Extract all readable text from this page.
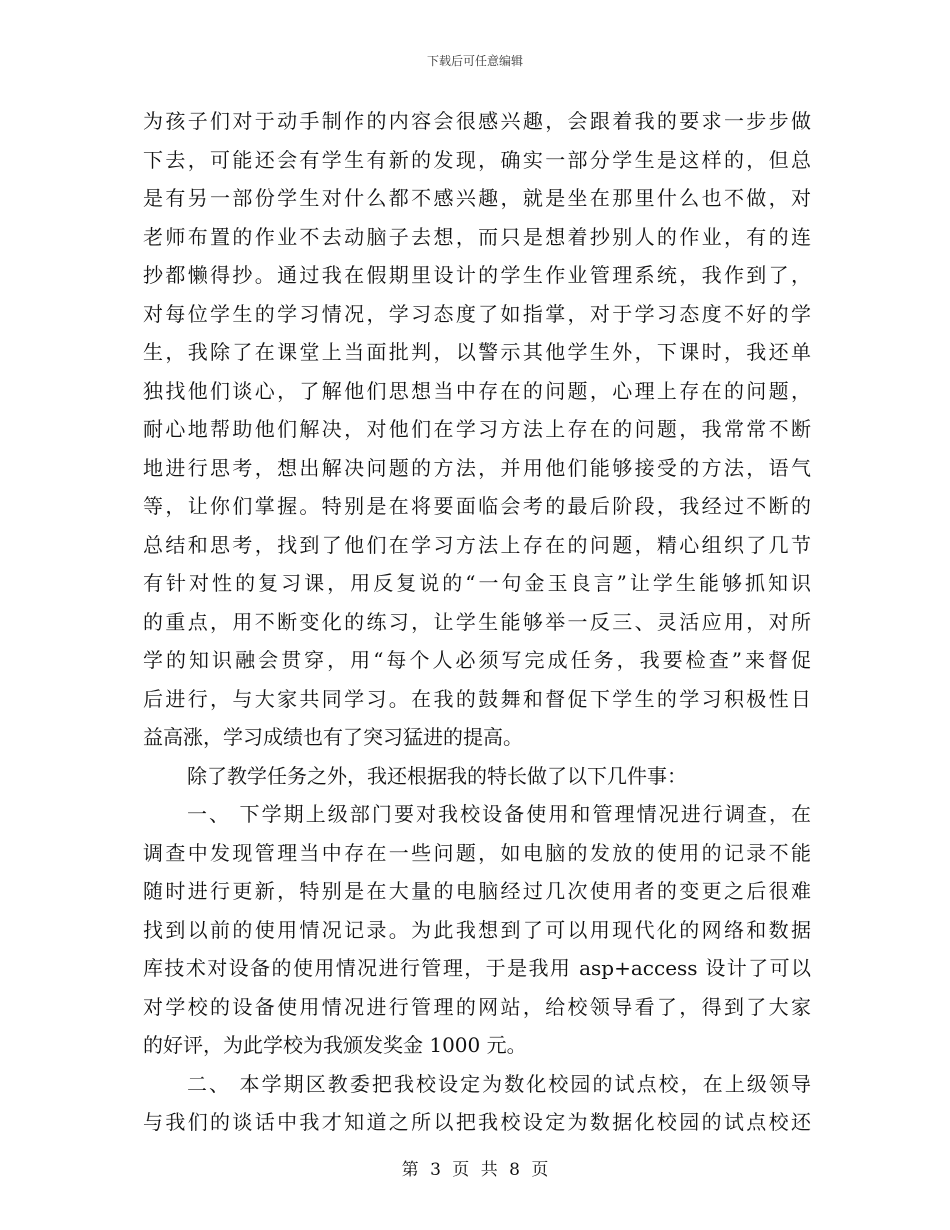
下载后可任意编辑
为孩子们对于动手制作的内容会很感兴趣，会跟着我的要求一步步做
下去，可能还会有学生有新的发现，确实一部分学生是这样的，但总
是有另一部份学生对什么都不感兴趣，就是坐在那里什么也不做，对
老师布置的作业不去动脑子去想，而只是想着抄别人的作业，有的连
抄都懒得抄。通过我在假期里设计的学生作业管理系统，我作到了，
对每位学生的学习情况，学习态度了如指掌，对于学习态度不好的学
生，我除了在课堂上当面批判，以警示其他学生外，下课时，我还单
独找他们谈心，了解他们思想当中存在的问题，心理上存在的问题，
耐心地帮助他们解决，对他们在学习方法上存在的问题，我常常不断
地进行思考，想出解决问题的方法，并用他们能够接受的方法，语气
等，让你们掌握。特别是在将要面临会考的最后阶段，我经过不断的
总结和思考，找到了他们在学习方法上存在的问题，精心组织了几节
有针对性的复习课，用反复说的“一句金玉良言”让学生能够抓知识
的重点，用不断变化的练习，让学生能够举一反三、灵活应用，对所
学的知识融会贯穿，用“每个人必须写完成任务，我要检查”来督促
后进行，与大家共同学习。在我的鼓舞和督促下学生的学习积极性日
益高涨，学习成绩也有了突习猛进的提高。
除了教学任务之外，我还根据我的特长做了以下几件事：
一、 下学期上级部门要对我校设备使用和管理情况进行调查，在
调查中发现管理当中存在一些问题，如电脑的发放的使用的记录不能
随时进行更新，特别是在大量的电脑经过几次使用者的变更之后很难
找到以前的使用情况记录。为此我想到了可以用现代化的网络和数据
库技术对设备的使用情况进行管理，于是我用 asp+access 设计了可以
对学校的设备使用情况进行管理的网站，给校领导看了，得到了大家
的好评，为此学校为我颁发奖金 1000 元。
二、 本学期区教委把我校设定为数化校园的试点校，在上级领导
与我们的谈话中我才知道之所以把我校设定为数据化校园的试点校还
第 3 页 共 8 页
